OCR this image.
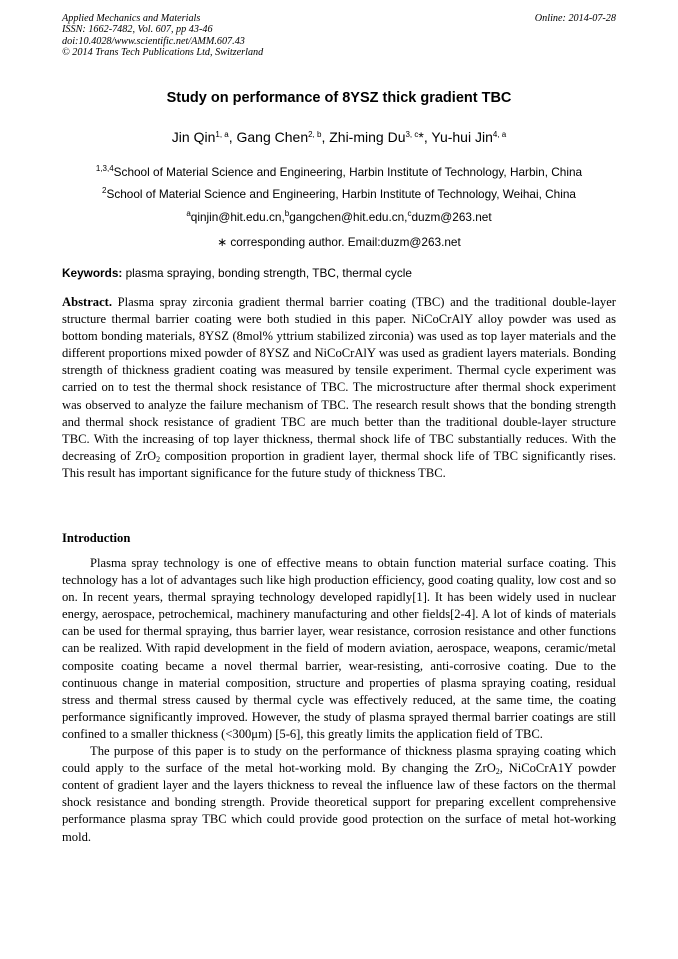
Applied Mechanics and Materials
ISSN: 1662-7482, Vol. 607, pp 43-46
doi:10.4028/www.scientific.net/AMM.607.43
© 2014 Trans Tech Publications Ltd, Switzerland
Online: 2014-07-28
Study on performance of 8YSZ thick gradient TBC
Jin Qin$^{1, a}$, Gang Chen$^{2, b}$, Zhi-ming Du$^{3, c}$*, Yu-hui Jin$^{4, a}$
$^{1,3,4}$School of Material Science and Engineering, Harbin Institute of Technology, Harbin, China
$^2$School of Material Science and Engineering, Harbin Institute of Technology, Weihai, China
$^a$qinjin@hit.edu.cn,$^b$gangchen@hit.edu.cn,$^c$duzm@263.net
∗ corresponding author. Email:duzm@263.net
Keywords: plasma spraying, bonding strength, TBC, thermal cycle
Abstract. Plasma spray zirconia gradient thermal barrier coating (TBC) and the traditional double-layer structure thermal barrier coating were both studied in this paper. NiCoCrAlY alloy powder was used as bottom bonding materials, 8YSZ (8mol% yttrium stabilized zirconia) was used as top layer materials and the different proportions mixed powder of 8YSZ and NiCoCrAlY was used as gradient layers materials. Bonding strength of thickness gradient coating was measured by tensile experiment. Thermal cycle experiment was carried on to test the thermal shock resistance of TBC. The microstructure after thermal shock experiment was observed to analyze the failure mechanism of TBC. The research result shows that the bonding strength and thermal shock resistance of gradient TBC are much better than the traditional double-layer structure TBC. With the increasing of top layer thickness, thermal shock life of TBC substantially reduces. With the decreasing of ZrO$_2$ composition proportion in gradient layer, thermal shock life of TBC significantly rises. This result has important significance for the future study of thickness TBC.
Introduction

Plasma spray technology is one of effective means to obtain function material surface coating. This technology has a lot of advantages such like high production efficiency, good coating quality, low cost and so on. In recent years, thermal spraying technology developed rapidly[1]. It has been widely used in nuclear energy, aerospace, petrochemical, machinery manufacturing and other fields[2-4]. A lot of kinds of materials can be used for thermal spraying, thus barrier layer, wear resistance, corrosion resistance and other functions can be realized. With rapid development in the field of modern aviation, aerospace, weapons, ceramic/metal composite coating became a novel thermal barrier, wear-resisting, anti-corrosive coating. Due to the continuous change in material composition, structure and properties of plasma spraying coating, residual stress and thermal stress caused by thermal cycle was effectively reduced, at the same time, the coating performance significantly improved. However, the study of plasma sprayed thermal barrier coatings are still confined to a smaller thickness (<300μm) [5-6], this greatly limits the application field of TBC.

The purpose of this paper is to study on the performance of thickness plasma spraying coating which could apply to the surface of the metal hot-working mold. By changing the ZrO$_2$, NiCoCrA1Y powder content of gradient layer and the layers thickness to reveal the influence law of these factors on the thermal shock resistance and bonding strength. Provide theoretical support for preparing excellent comprehensive performance plasma spray TBC which could provide good protection on the surface of metal hot-working mold.
